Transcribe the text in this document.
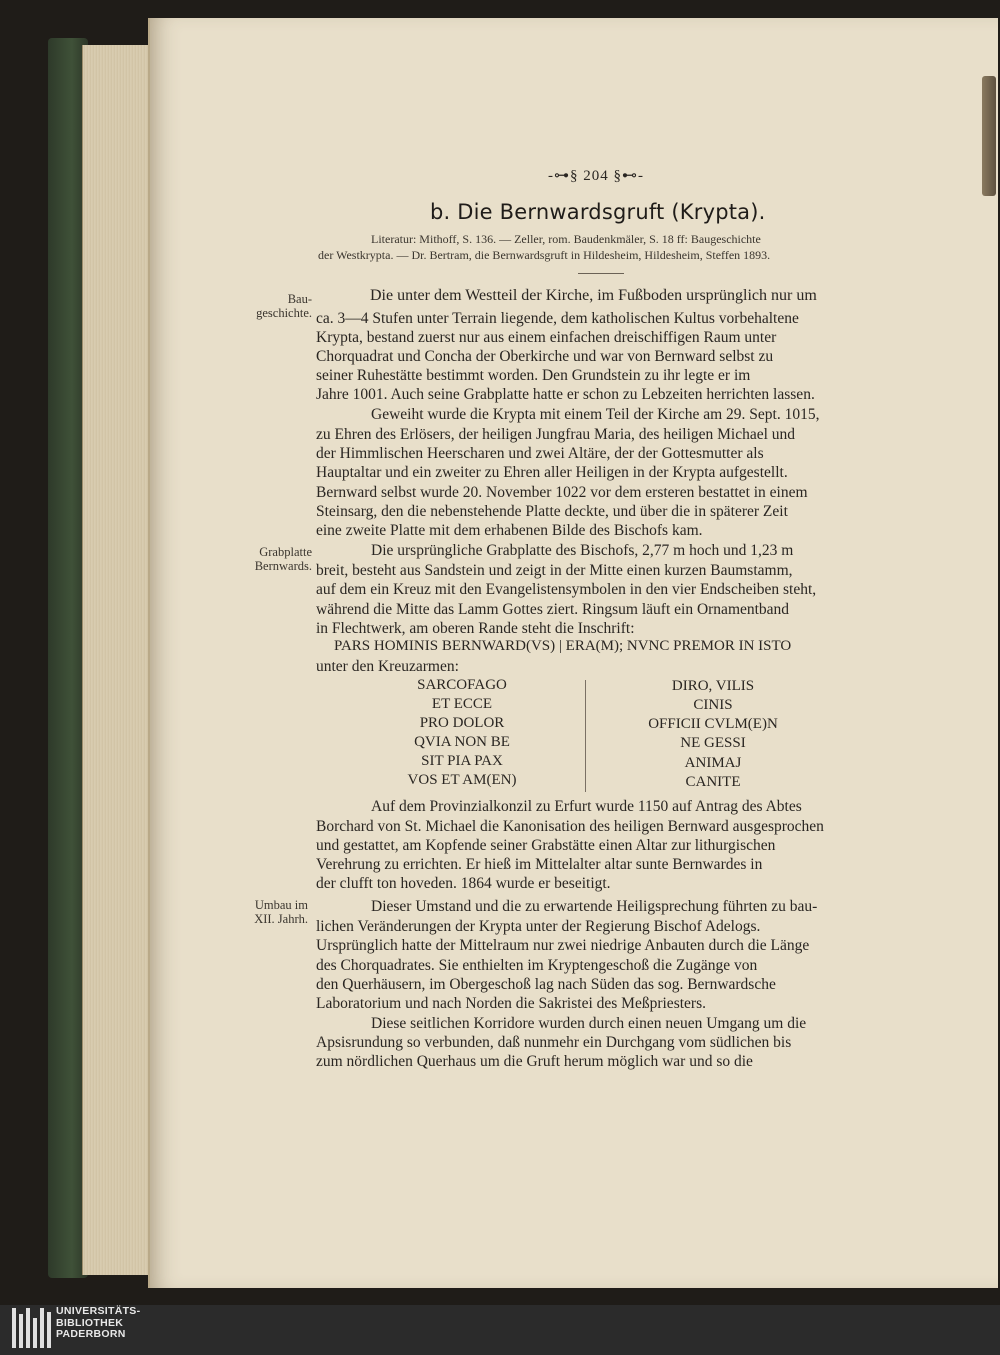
-⊶§ 204 §⊷-
b. Die Bernwardsgruft (Krypta).
Literatur: Mithoff, S. 136. — Zeller, rom. Baudenkmäler, S. 18 ff: Baugeschichte
der Westkrypta. — Dr. Bertram, die Bernwardsgruft in Hildesheim, Hildesheim, Steffen 1893.
Bau-
geschichte.
Grabplatte
Bernwards.
Umbau im
XII. Jahrh.
Die unter dem Westteil der Kirche, im Fußboden ursprünglich nur um
ca. 3—4 Stufen unter Terrain liegende, dem katholischen Kultus vorbehaltene
Krypta, bestand zuerst nur aus einem einfachen dreischiffigen Raum unter
Chorquadrat und Concha der Oberkirche und war von Bernward selbst zu
seiner Ruhestätte bestimmt worden. Den Grundstein zu ihr legte er im
Jahre 1001. Auch seine Grabplatte hatte er schon zu Lebzeiten herrichten lassen.
Geweiht wurde die Krypta mit einem Teil der Kirche am 29. Sept. 1015,
zu Ehren des Erlösers, der heiligen Jungfrau Maria, des heiligen Michael und
der Himmlischen Heerscharen und zwei Altäre, der der Gottesmutter als
Hauptaltar und ein zweiter zu Ehren aller Heiligen in der Krypta aufgestellt.
Bernward selbst wurde 20. November 1022 vor dem ersteren bestattet in einem
Steinsarg, den die nebenstehende Platte deckte, und über die in späterer Zeit
eine zweite Platte mit dem erhabenen Bilde des Bischofs kam.
Die ursprüngliche Grabplatte des Bischofs, 2,77 m hoch und 1,23 m
breit, besteht aus Sandstein und zeigt in der Mitte einen kurzen Baumstamm,
auf dem ein Kreuz mit den Evangelistensymbolen in den vier Endscheiben steht,
während die Mitte das Lamm Gottes ziert. Ringsum läuft ein Ornamentband
in Flechtwerk, am oberen Rande steht die Inschrift:
PARS HOMINIS BERNWARD(VS) | ERA(M); NVNC PREMOR IN ISTO
unter den Kreuzarmen:
SARCOFAGO
ET ECCE
PRO DOLOR
QVIA NON BE
SIT PIA PAX
VOS ET AM(EN)
DIRO, VILIS
CINIS
OFFICII CVLM(E)N
NE GESSI
ANIMAJ
CANITE
Auf dem Provinzialkonzil zu Erfurt wurde 1150 auf Antrag des Abtes
Borchard von St. Michael die Kanonisation des heiligen Bernward ausgesprochen
und gestattet, am Kopfende seiner Grabstätte einen Altar zur lithurgischen
Verehrung zu errichten. Er hieß im Mittelalter altar sunte Bernwardes in
der clufft ton hoveden. 1864 wurde er beseitigt.
Dieser Umstand und die zu erwartende Heiligsprechung führten zu bau-
lichen Veränderungen der Krypta unter der Regierung Bischof Adelogs.
Ursprünglich hatte der Mittelraum nur zwei niedrige Anbauten durch die Länge
des Chorquadrates. Sie enthielten im Kryptengeschoß die Zugänge von
den Querhäusern, im Obergeschoß lag nach Süden das sog. Bernwardsche
Laboratorium und nach Norden die Sakristei des Meßpriesters.
Diese seitlichen Korridore wurden durch einen neuen Umgang um die
Apsisrundung so verbunden, daß nunmehr ein Durchgang vom südlichen bis
zum nördlichen Querhaus um die Gruft herum möglich war und so die
UNIVERSITÄTS-
BIBLIOTHEK
PADERBORN
